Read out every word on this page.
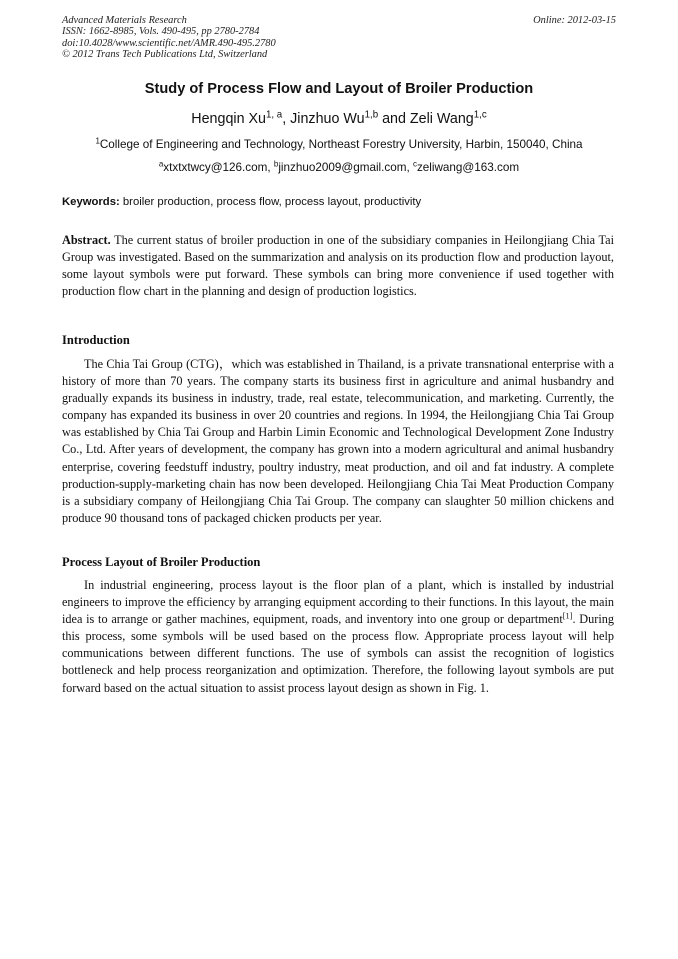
Advanced Materials Research
ISSN: 1662-8985, Vols. 490-495, pp 2780-2784
doi:10.4028/www.scientific.net/AMR.490-495.2780
© 2012 Trans Tech Publications Ltd, Switzerland
Online: 2012-03-15
Study of Process Flow and Layout of Broiler Production
Hengqin Xu$^{1, a}$, Jinzhuo Wu$^{1,b}$ and Zeli Wang$^{1,c}$
$^1$College of Engineering and Technology, Northeast Forestry University, Harbin, 150040, China
$^a$xtxtxtwcy@126.com, $^b$jinzhuo2009@gmail.com, $^c$zeliwang@163.com
Keywords: broiler production, process flow, process layout, productivity
Abstract. The current status of broiler production in one of the subsidiary companies in Heilongjiang Chia Tai Group was investigated. Based on the summarization and analysis on its production flow and production layout, some layout symbols were put forward. These symbols can bring more convenience if used together with production flow chart in the planning and design of production logistics.
Introduction
The Chia Tai Group (CTG)，which was established in Thailand, is a private transnational enterprise with a history of more than 70 years. The company starts its business first in agriculture and animal husbandry and gradually expands its business in industry, trade, real estate, telecommunication, and marketing. Currently, the company has expanded its business in over 20 countries and regions. In 1994, the Heilongjiang Chia Tai Group was established by Chia Tai Group and Harbin Limin Economic and Technological Development Zone Industry Co., Ltd. After years of development, the company has grown into a modern agricultural and animal husbandry enterprise, covering feedstuff industry, poultry industry, meat production, and oil and fat industry. A complete production-supply-marketing chain has now been developed. Heilongjiang Chia Tai Meat Production Company is a subsidiary company of Heilongjiang Chia Tai Group. The company can slaughter 50 million chickens and produce 90 thousand tons of packaged chicken products per year.
Process Layout of Broiler Production
In industrial engineering, process layout is the floor plan of a plant, which is installed by industrial engineers to improve the efficiency by arranging equipment according to their functions. In this layout, the main idea is to arrange or gather machines, equipment, roads, and inventory into one group or department[1]. During this process, some symbols will be used based on the process flow. Appropriate process layout will help communications between different functions. The use of symbols can assist the recognition of logistics bottleneck and help process reorganization and optimization. Therefore, the following layout symbols are put forward based on the actual situation to assist process layout design as shown in Fig. 1.
